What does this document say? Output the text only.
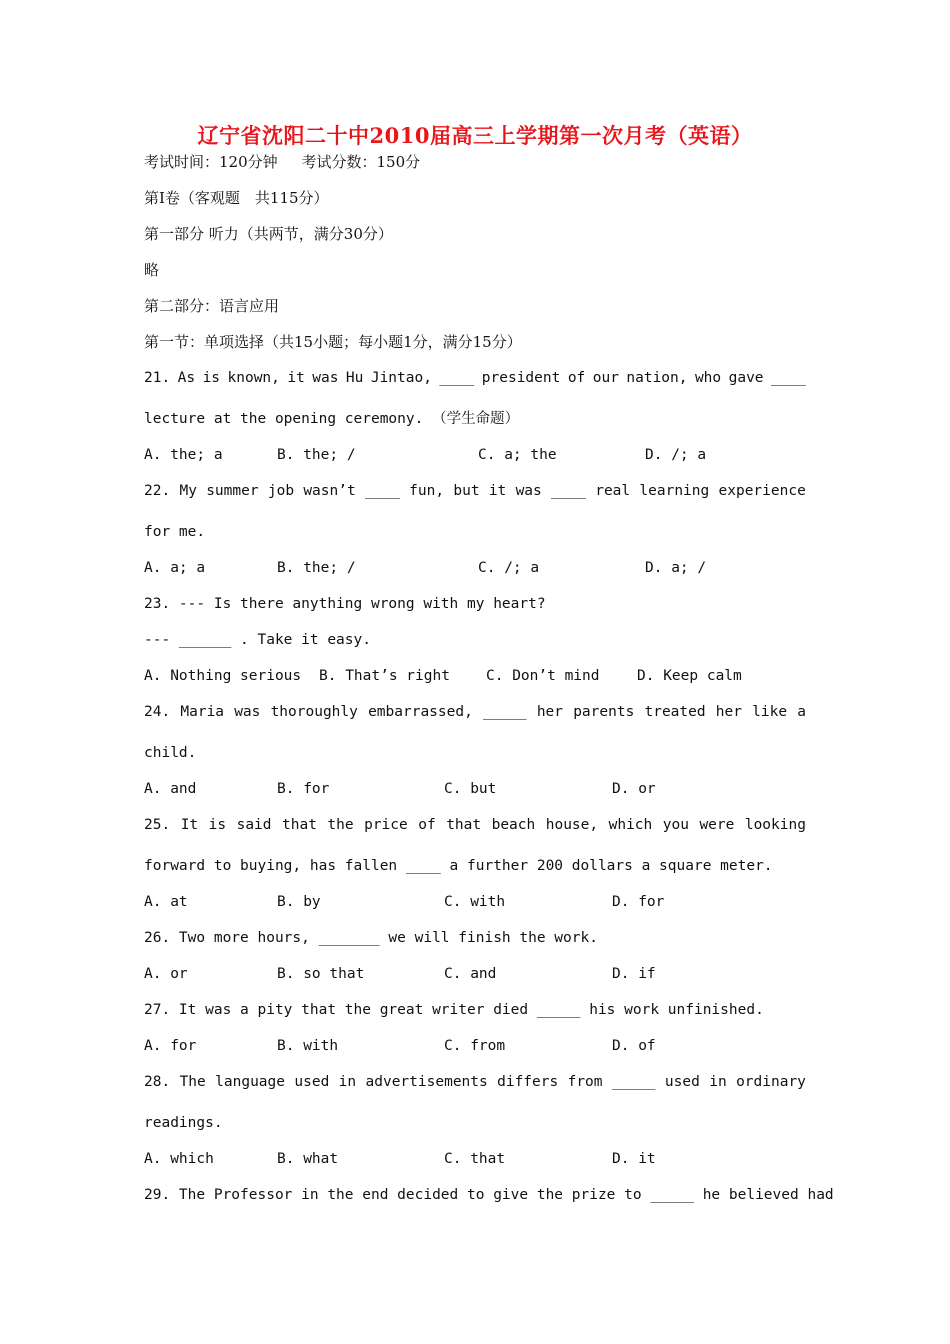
辽宁省沈阳二十中2010届高三上学期第一次月考（英语）
考试时间：120分钟 考试分数：150分
第Ⅰ卷（客观题　共115分）
第一部分 听力（共两节，满分30分）
略
第二部分：语言应用
第一节：单项选择（共15小题；每小题1分，满分15分）
21. As is known, it was Hu Jintao, ____ president of our nation, who gave ____
lecture at the opening ceremony. （学生命题）
A. the; a	B. the; /	C. a; the	D. /; a
22. My summer job wasn’t ____ fun, but it was ____ real learning experience
for me.
A. a; a	B. the; /	C. /; a	D. a; /
23. --- Is there anything wrong with my heart?
--- ______ . Take it easy.
A. Nothing serious B. That’s right C. Don’t mind	D. Keep calm
24. Maria was thoroughly embarrassed, _____ her parents treated her like a
child.
A. and	B. for	C. but	D. or
25. It is said that the price of that beach house, which you were looking
forward to buying, has fallen ____ a further 200 dollars a square meter.
A. at	B. by	C. with	D. for
26. Two more hours, _______ we will finish the work.
A. or	B. so that	C. and	D. if
27. It was a pity that the great writer died _____ his work unfinished.
A. for	B. with	C. from	D. of
28. The language used in advertisements differs from _____ used in ordinary
readings.
A. which	B. what	C. that	D. it
29. The Professor in the end decided to give the prize to _____ he believed had
